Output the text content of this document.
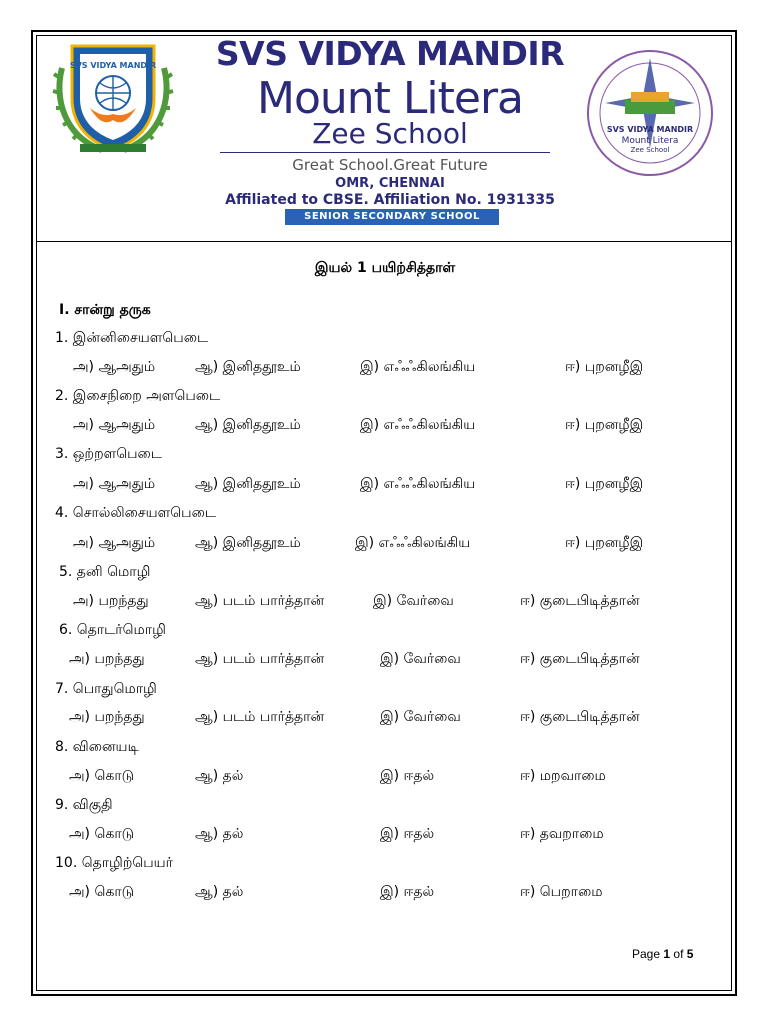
SVS VIDYA MANDIR
SVS VIDYA MANDIR
Mount Litera
Zee School
SVS VIDYA MANDIR
Mount Litera
Zee School
Great School.Great Future
OMR, CHENNAI
Affiliated to CBSE. Affiliation No. 1931335
SENIOR SECONDARY SCHOOL
இயல் 1 பயிற்சித்தாள்
I. சான்று தருக
1. இன்னிசையளபெடை
அ) ஆஅதும்	ஆ) இனிததூஉம்	இ) எஃஃகிலங்கிய	ஈ) புறனழீஇ
2. இசைநிறை அளபெடை
அ) ஆஅதும்	ஆ) இனிததூஉம்	இ) எஃஃகிலங்கிய	ஈ) புறனழீஇ
3. ஒற்றளபெடை
அ) ஆஅதும்	ஆ) இனிததூஉம்	இ) எஃஃகிலங்கிய	ஈ) புறனழீஇ
4. சொல்லிசையளபெடை
அ) ஆஅதும்	ஆ) இனிததூஉம்	இ) எஃஃகிலங்கிய	ஈ) புறனழீஇ
5. தனி மொழி
அ) பறந்தது	ஆ) படம் பார்த்தான்	இ) வேர்வை	ஈ) குடைபிடித்தான்
6. தொடர்மொழி
அ) பறந்தது	ஆ) படம் பார்த்தான்	இ) வேர்வை	ஈ) குடைபிடித்தான்
7. பொதுமொழி
அ) பறந்தது	ஆ) படம் பார்த்தான்	இ) வேர்வை	ஈ) குடைபிடித்தான்
8. வினையடி
அ) கொடு	ஆ) தல்	இ) ஈதல்	ஈ) மறவாமை
9. விகுதி
அ) கொடு	ஆ) தல்	இ) ஈதல்	ஈ) தவறாமை
10. தொழிற்பெயர்
அ) கொடு	ஆ) தல்	இ) ஈதல்	ஈ) பெறாமை
Page 1 of 5
